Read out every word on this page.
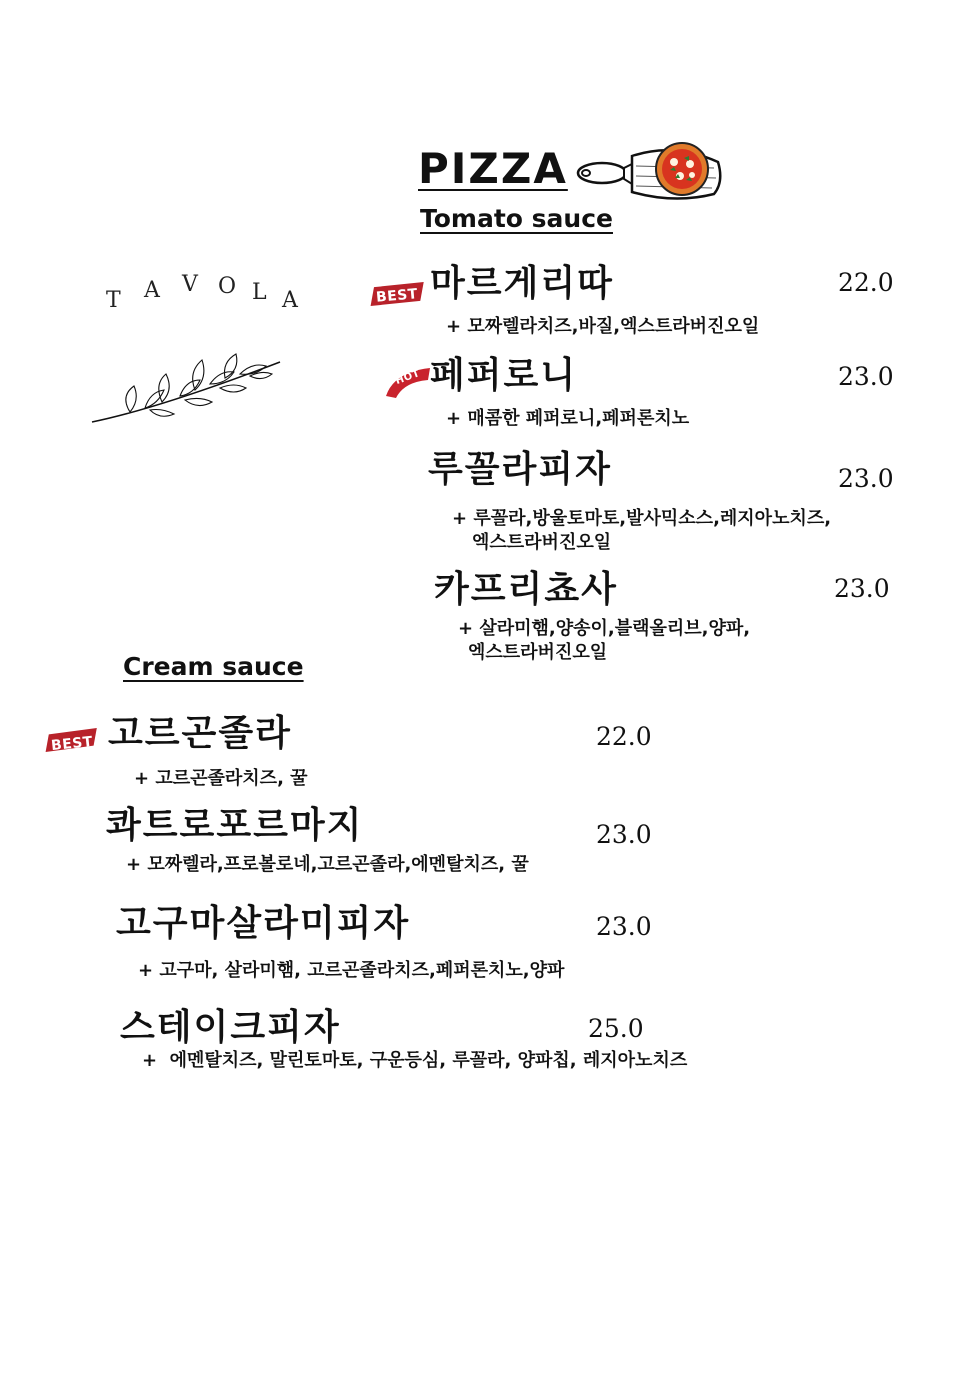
PIZZA
Tomato sauce
Cream sauce
T A V O L A	BEST
HOT
BEST
마르게리따	22.0
+ 모짜렐라치즈,바질,엑스트라버진오일
페퍼로니	23.0
+ 매콤한 페퍼로니,페퍼론치노
루꼴라피자	23.0
+ 루꼴라,방울토마토,발사믹소스,레지아노치즈,
엑스트라버진오일
카프리쵸사	23.0
+ 살라미햄,양송이,블랙올리브,양파,
엑스트라버진오일
고르곤졸라	22.0
+ 고르곤졸라치즈, 꿀
콰트로포르마지	23.0
+ 모짜렐라,프로볼로네,고르곤졸라,에멘탈치즈, 꿀
고구마살라미피자	23.0
+ 고구마, 살라미햄, 고르곤졸라치즈,페퍼론치노,양파
스테이크피자	25.0
+  에멘탈치즈, 말린토마토, 구운등심, 루꼴라, 양파칩, 레지아노치즈
